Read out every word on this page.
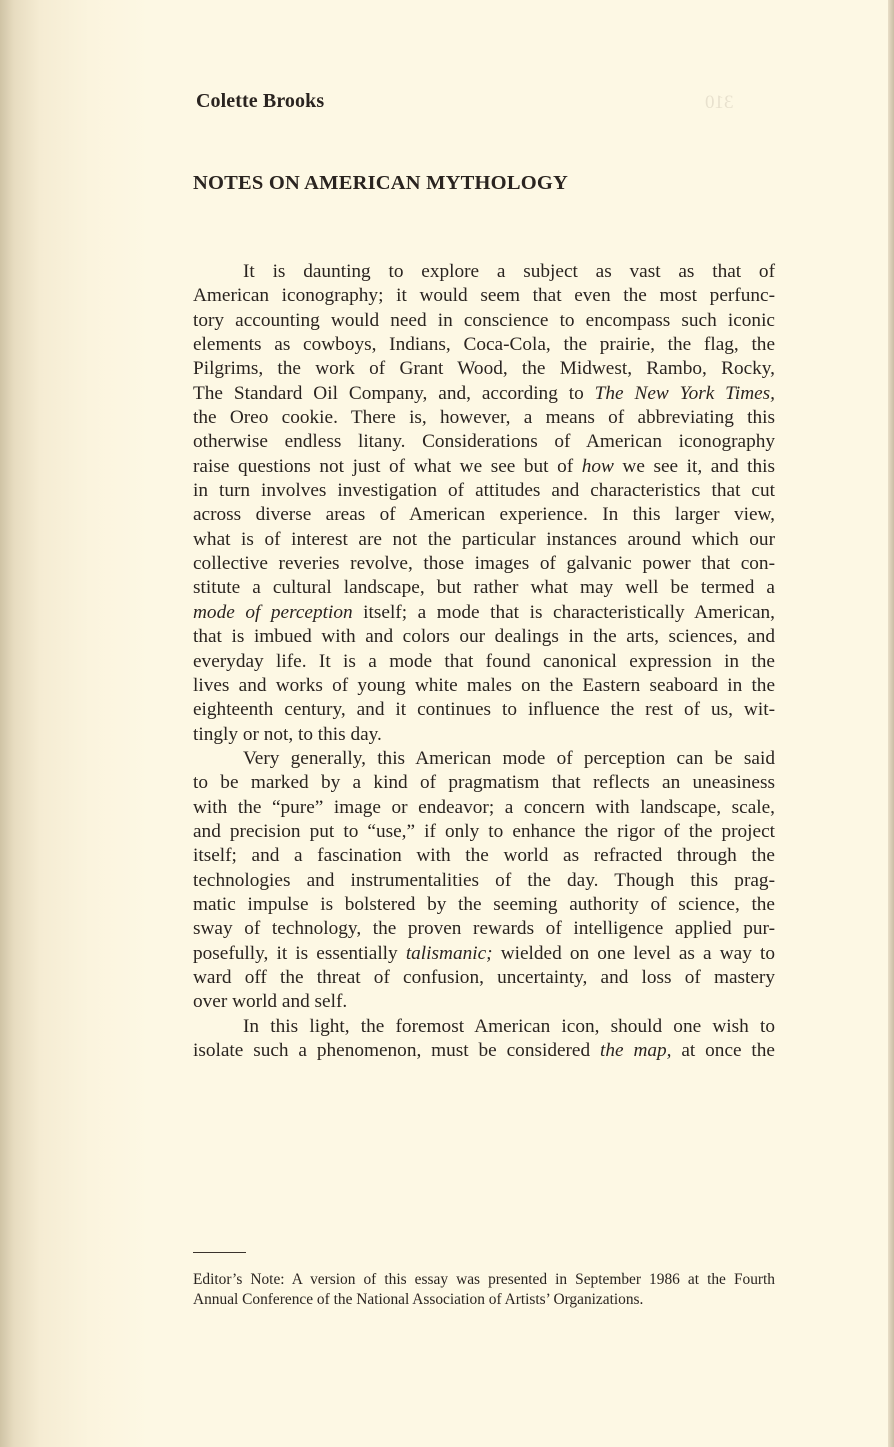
310
Colette Brooks
NOTES ON AMERICAN MYTHOLOGY
It is daunting to explore a subject as vast as that of
American iconography; it would seem that even the most perfunc-
tory accounting would need in conscience to encompass such iconic
elements as cowboys, Indians, Coca-Cola, the prairie, the flag, the
Pilgrims, the work of Grant Wood, the Midwest, Rambo, Rocky,
The Standard Oil Company, and, according to The New York Times,
the Oreo cookie. There is, however, a means of abbreviating this
otherwise endless litany. Considerations of American iconography
raise questions not just of what we see but of how we see it, and this
in turn involves investigation of attitudes and characteristics that cut
across diverse areas of American experience. In this larger view,
what is of interest are not the particular instances around which our
collective reveries revolve, those images of galvanic power that con-
stitute a cultural landscape, but rather what may well be termed a
mode of perception itself; a mode that is characteristically American,
that is imbued with and colors our dealings in the arts, sciences, and
everyday life. It is a mode that found canonical expression in the
lives and works of young white males on the Eastern seaboard in the
eighteenth century, and it continues to influence the rest of us, wit-
tingly or not, to this day.
Very generally, this American mode of perception can be said
to be marked by a kind of pragmatism that reflects an uneasiness
with the “pure” image or endeavor; a concern with landscape, scale,
and precision put to “use,” if only to enhance the rigor of the project
itself; and a fascination with the world as refracted through the
technologies and instrumentalities of the day. Though this prag-
matic impulse is bolstered by the seeming authority of science, the
sway of technology, the proven rewards of intelligence applied pur-
posefully, it is essentially talismanic; wielded on one level as a way to
ward off the threat of confusion, uncertainty, and loss of mastery
over world and self.
In this light, the foremost American icon, should one wish to
isolate such a phenomenon, must be considered the map, at once the
Editor’s Note: A version of this essay was presented in September 1986 at the Fourth
Annual Conference of the National Association of Artists’ Organizations.
